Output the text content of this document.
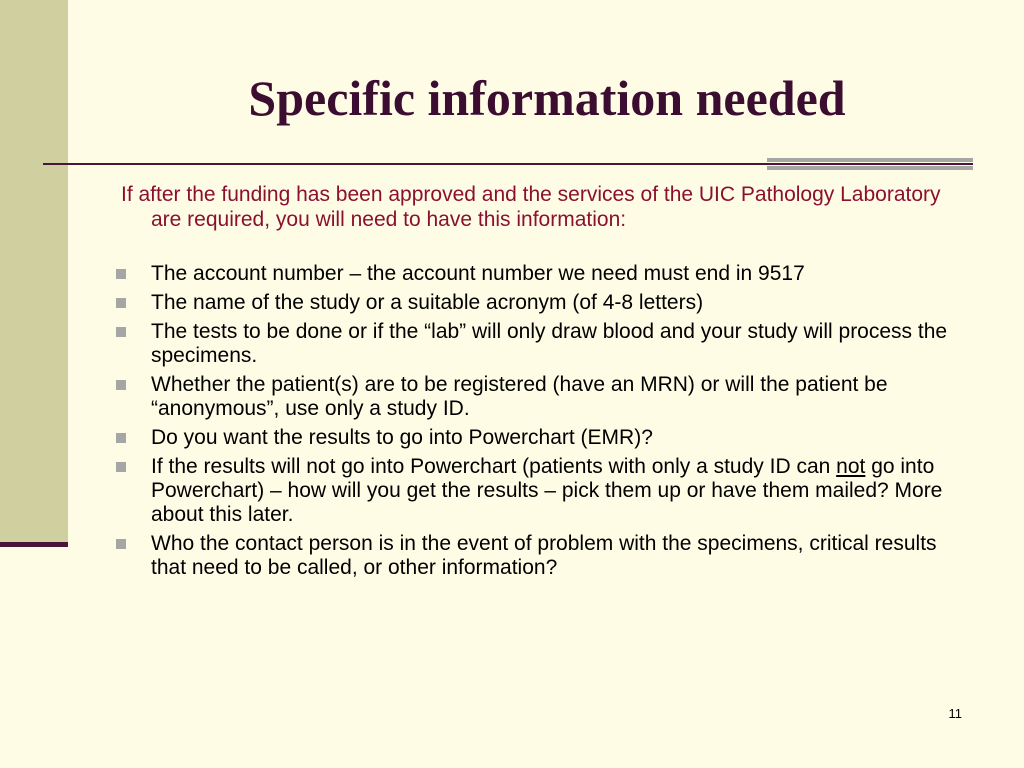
Specific information needed
If after the funding has been approved and the services of the UIC Pathology Laboratory are required, you will need to have this information:
The account number – the account number we need must end in 9517
The name of the study or a suitable acronym (of 4-8 letters)
The tests to be done or if the “lab” will only draw blood and your study will process the specimens.
Whether the patient(s) are to be registered (have an MRN) or will the patient be “anonymous”, use only a study ID.
Do you want the results to go into Powerchart (EMR)?
If the results will not go into Powerchart (patients with only a study ID can not go into Powerchart) – how will you get the results – pick them up or have them mailed? More about this later.
Who the contact person is in the event of problem with the specimens, critical results that need to be called, or other information?
11
